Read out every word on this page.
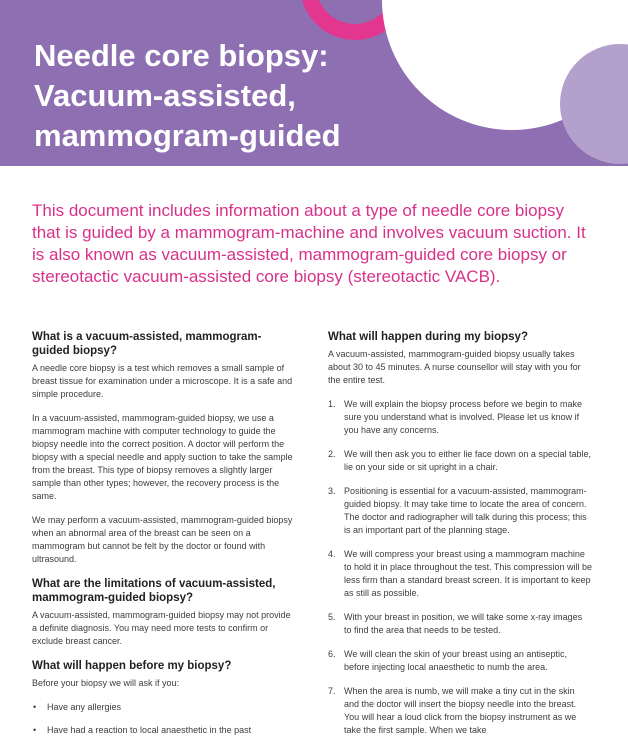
Needle core biopsy: Vacuum-assisted, mammogram-guided

This document includes information about a type of needle core biopsy that is guided by a mammogram-machine and involves vacuum suction. It is also known as vacuum-assisted, mammogram-guided core biopsy or stereotactic vacuum-assisted core biopsy (stereotactic VACB).

What is a vacuum-assisted, mammogram-guided biopsy?

A needle core biopsy is a test which removes a small sample of breast tissue for examination under a microscope. It is a safe and simple procedure.

In a vacuum-assisted, mammogram-guided biopsy, we use a mammogram machine with computer technology to guide the biopsy needle into the correct position. A doctor will perform the biopsy with a special needle and apply suction to take the sample from the breast. This type of biopsy removes a slightly larger sample than other types; however, the recovery process is the same.

We may perform a vacuum-assisted, mammogram-guided biopsy when an abnormal area of the breast can be seen on a mammogram but cannot be felt by the doctor or found with ultrasound.

What are the limitations of vacuum-assisted, mammogram-guided biopsy?

A vacuum-assisted, mammogram-guided biopsy may not provide a definite diagnosis. You may need more tests to confirm or exclude breast cancer.

What will happen before my biopsy?

Before your biopsy we will ask if you:

• Have any allergies
• Have had a reaction to local anaesthetic in the past
What will happen during my biopsy?

A vacuum-assisted, mammogram-guided biopsy usually takes about 30 to 45 minutes. A nurse counsellor will stay with you for the entire test.

1. We will explain the biopsy process before we begin to make sure you understand what is involved. Please let us know if you have any concerns.
2. We will then ask you to either lie face down on a special table, lie on your side or sit upright in a chair.
3. Positioning is essential for a vacuum-assisted, mammogram-guided biopsy. It may take time to locate the area of concern. The doctor and radiographer will talk during this process; this is an important part of the planning stage.
4. We will compress your breast using a mammogram machine to hold it in place throughout the test. This compression will be less firm than a standard breast screen. It is important to keep as still as possible.
5. With your breast in position, we will take some x-ray images to find the area that needs to be tested.
6. We will clean the skin of your breast using an antiseptic, before injecting local anaesthetic to numb the area.
7. When the area is numb, we will make a tiny cut in the skin and the doctor will insert the biopsy needle into the breast. You will hear a loud click from the biopsy instrument as we take the first sample. When we take
